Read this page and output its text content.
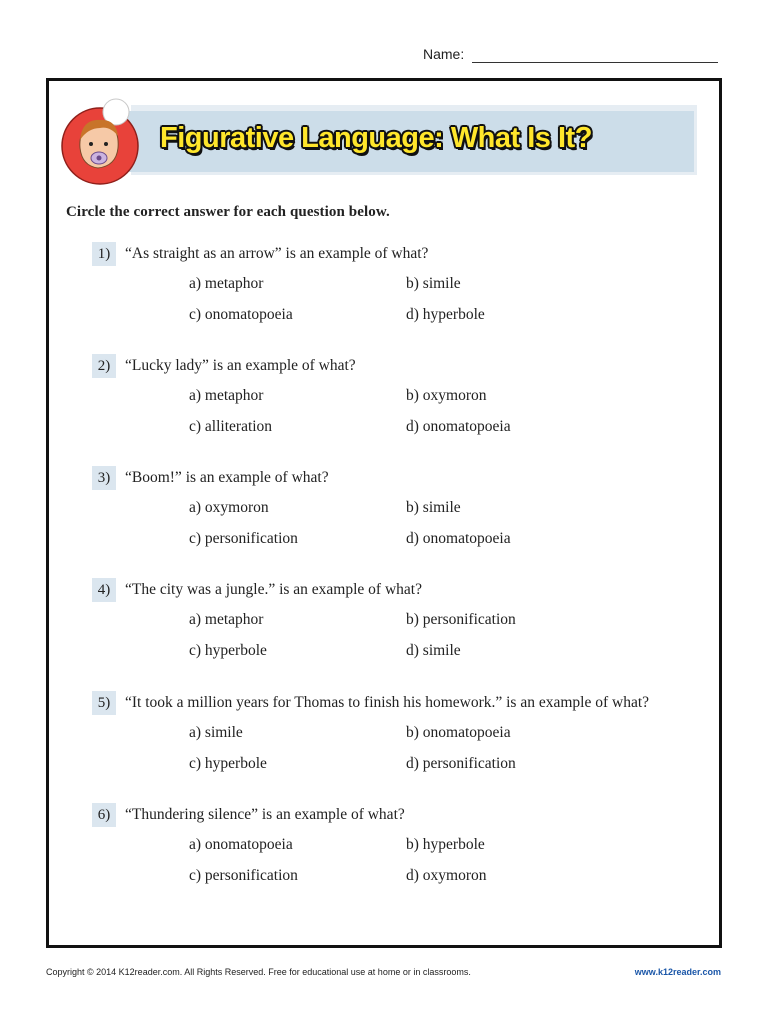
Name:
Figurative Language: What Is It?
Circle the correct answer for each question below.
1) “As straight as an arrow” is an example of what?
a) metaphor	b) simile
c) onomatopoeia	d) hyperbole
2) “Lucky lady” is an example of what?
a) metaphor	b) oxymoron
c) alliteration	d) onomatopoeia
3) “Boom!” is an example of what?
a) oxymoron	b) simile
c) personification	d) onomatopoeia
4) “The city was a jungle.” is an example of what?
a) metaphor	b) personification
c) hyperbole	d) simile
5) “It took a million years for Thomas to finish his homework.” is an example of what?
a) simile	b) onomatopoeia
c) hyperbole	d) personification
6) “Thundering silence” is an example of what?
a) onomatopoeia	b) hyperbole
c) personification	d) oxymoron
Copyright © 2014 K12reader.com. All Rights Reserved. Free for educational use at home or in classrooms.	www.k12reader.com
